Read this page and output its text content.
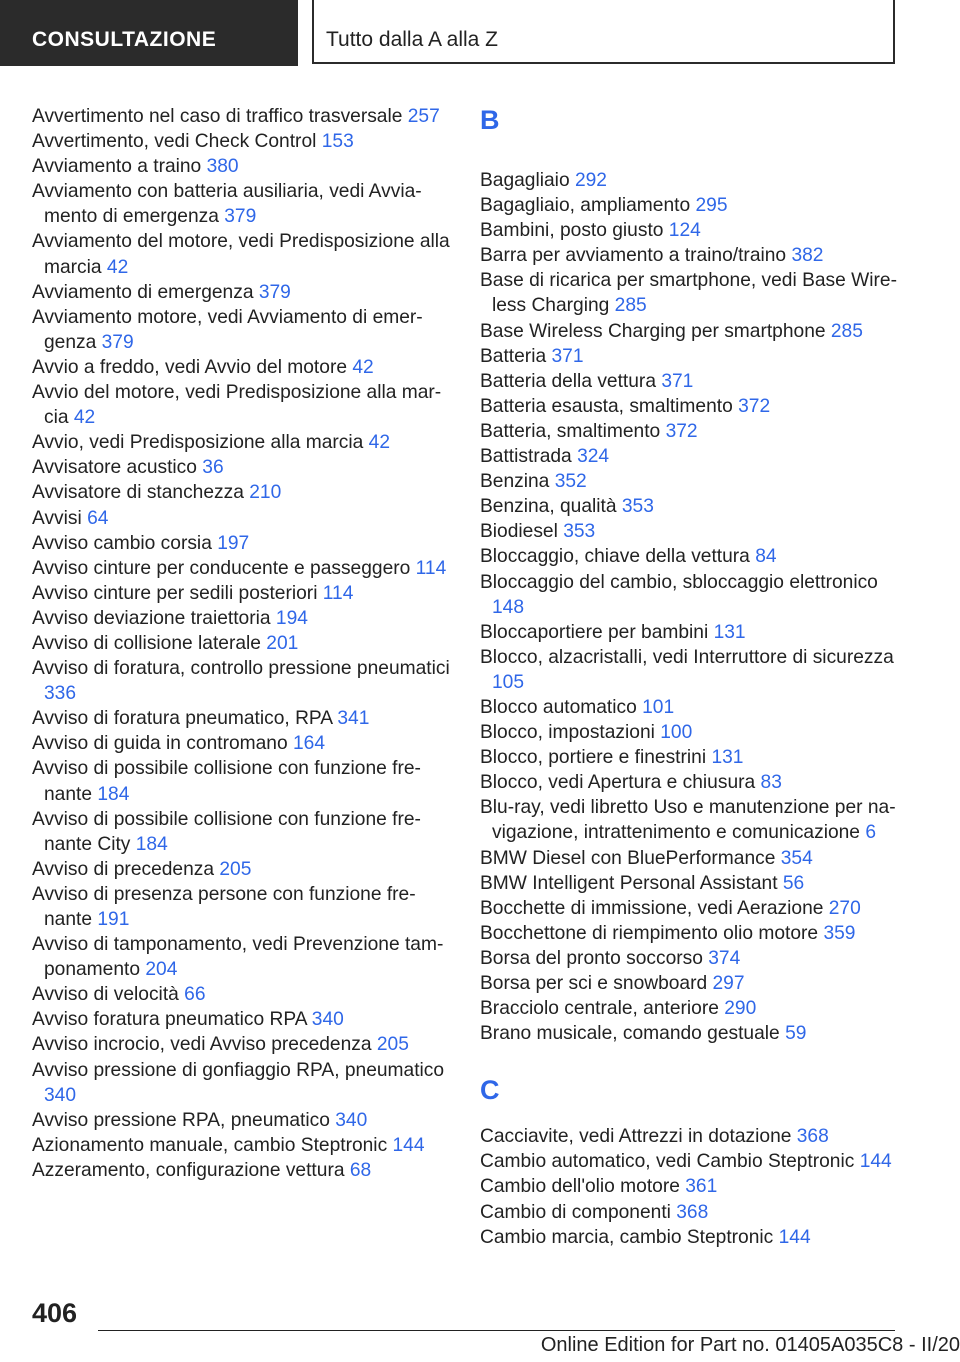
CONSULTAZIONE	Tutto dalla A alla Z
Avvertimento nel caso di traffico trasversale 257
Avvertimento, vedi Check Control 153
Avviamento a traino 380
Avviamento con batteria ausiliaria, vedi Avviamento di emergenza 379
Avviamento del motore, vedi Predisposizione alla marcia 42
Avviamento di emergenza 379
Avviamento motore, vedi Avviamento di emergenza 379
Avvio a freddo, vedi Avvio del motore 42
Avvio del motore, vedi Predisposizione alla marcia 42
Avvio, vedi Predisposizione alla marcia 42
Avvisatore acustico 36
Avvisatore di stanchezza 210
Avvisi 64
Avviso cambio corsia 197
Avviso cinture per conducente e passeggero 114
Avviso cinture per sedili posteriori 114
Avviso deviazione traiettoria 194
Avviso di collisione laterale 201
Avviso di foratura, controllo pressione pneumatici 336
Avviso di foratura pneumatico, RPA 341
Avviso di guida in contromano 164
Avviso di possibile collisione con funzione frenante 184
Avviso di possibile collisione con funzione frenante City 184
Avviso di precedenza 205
Avviso di presenza persone con funzione frenante 191
Avviso di tamponamento, vedi Prevenzione tamponamento 204
Avviso di velocità 66
Avviso foratura pneumatico RPA 340
Avviso incrocio, vedi Avviso precedenza 205
Avviso pressione di gonfiaggio RPA, pneumatico 340
Avviso pressione RPA, pneumatico 340
Azionamento manuale, cambio Steptronic 144
Azzeramento, configurazione vettura 68
B
Bagagliaio 292
Bagagliaio, ampliamento 295
Bambini, posto giusto 124
Barra per avviamento a traino/traino 382
Base di ricarica per smartphone, vedi Base Wireless Charging 285
Base Wireless Charging per smartphone 285
Batteria 371
Batteria della vettura 371
Batteria esausta, smaltimento 372
Batteria, smaltimento 372
Battistrada 324
Benzina 352
Benzina, qualità 353
Biodiesel 353
Bloccaggio, chiave della vettura 84
Bloccaggio del cambio, sbloccaggio elettronico 148
Bloccaportiere per bambini 131
Blocco, alzacristalli, vedi Interruttore di sicurezza 105
Blocco automatico 101
Blocco, impostazioni 100
Blocco, portiere e finestrini 131
Blocco, vedi Apertura e chiusura 83
Blu-ray, vedi libretto Uso e manutenzione per navigazione, intrattenimento e comunicazione 6
BMW Diesel con BluePerformance 354
BMW Intelligent Personal Assistant 56
Bocchette di immissione, vedi Aerazione 270
Bocchettone di riempimento olio motore 359
Borsa del pronto soccorso 374
Borsa per sci e snowboard 297
Bracciolo centrale, anteriore 290
Brano musicale, comando gestuale 59
C
Cacciavite, vedi Attrezzi in dotazione 368
Cambio automatico, vedi Cambio Steptronic 144
Cambio dell'olio motore 361
Cambio di componenti 368
Cambio marcia, cambio Steptronic 144
406
Online Edition for Part no. 01405A035C8 - II/20
